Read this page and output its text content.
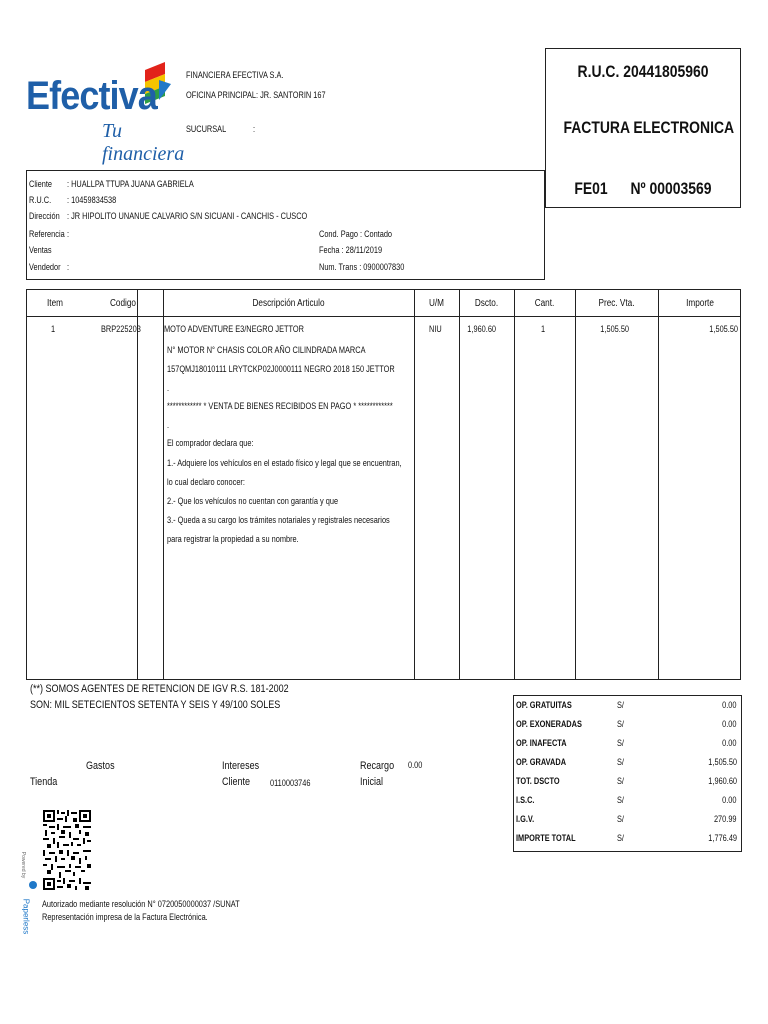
Efectiva
Tu financiera
FINANCIERA EFECTIVA S.A.
OFICINA PRINCIPAL: JR. SANTORIN 167
SUCURSAL	:
R.U.C. 20441805960
FACTURA ELECTRONICA
FE01	Nº 00003569
Cliente : HUALLPA TTUPA JUANA GABRIELA
R.U.C. : 10459834538
Dirección : JR HIPOLITO UNANUE CALVARIO S/N SICUANI - CANCHIS - CUSCO
Referencia :
Ventas
Vendedor :
Cond. Pago : Contado
Fecha : 28/11/2019
Num. Trans : 0900007830
Item	Codigo	Descripción Articulo	U/M	Dscto.	Cant.	Prec. Vta.	Importe
1	BRP225203	MOTO ADVENTURE E3/NEGRO JETTOR	NIU	1,960.60	1	1,505.50	1,505.50
N° MOTOR N° CHASIS COLOR AÑO CILINDRADA MARCA
157QMJ18010111 LRYTCKP02J0000111 NEGRO 2018 150 JETTOR
.
************ * VENTA DE BIENES RECIBIDOS EN PAGO * ************
.
El comprador declara que:
1.- Adquiere los vehículos en el estado físico y legal que se encuentran,
lo cual declaro conocer:
2.- Que los vehículos no cuentan con garantía y que
3.- Queda a su cargo los trámites notariales y registrales necesarios
para registrar la propiedad a su nombre.
(**) SOMOS AGENTES DE RETENCION DE IGV R.S. 181-2002
SON: MIL SETECIENTOS SETENTA Y SEIS Y 49/100 SOLES
Gastos
Tienda
Intereses
Cliente 0110003746
Recargo 0.00
Inicial
OP. GRATUITAS	S/	0.00
OP. EXONERADAS	S/	0.00
OP. INAFECTA	S/	0.00
OP. GRAVADA	S/	1,505.50
TOT. DSCTO	S/	1,960.60
I.S.C.	S/	0.00
I.G.V.	S/	270.99
IMPORTE TOTAL	S/	1,776.49
Powered by
Paperless Autorizado mediante resolución N° 0720050000037 /SUNAT
Representación impresa de la Factura Electrónica.
